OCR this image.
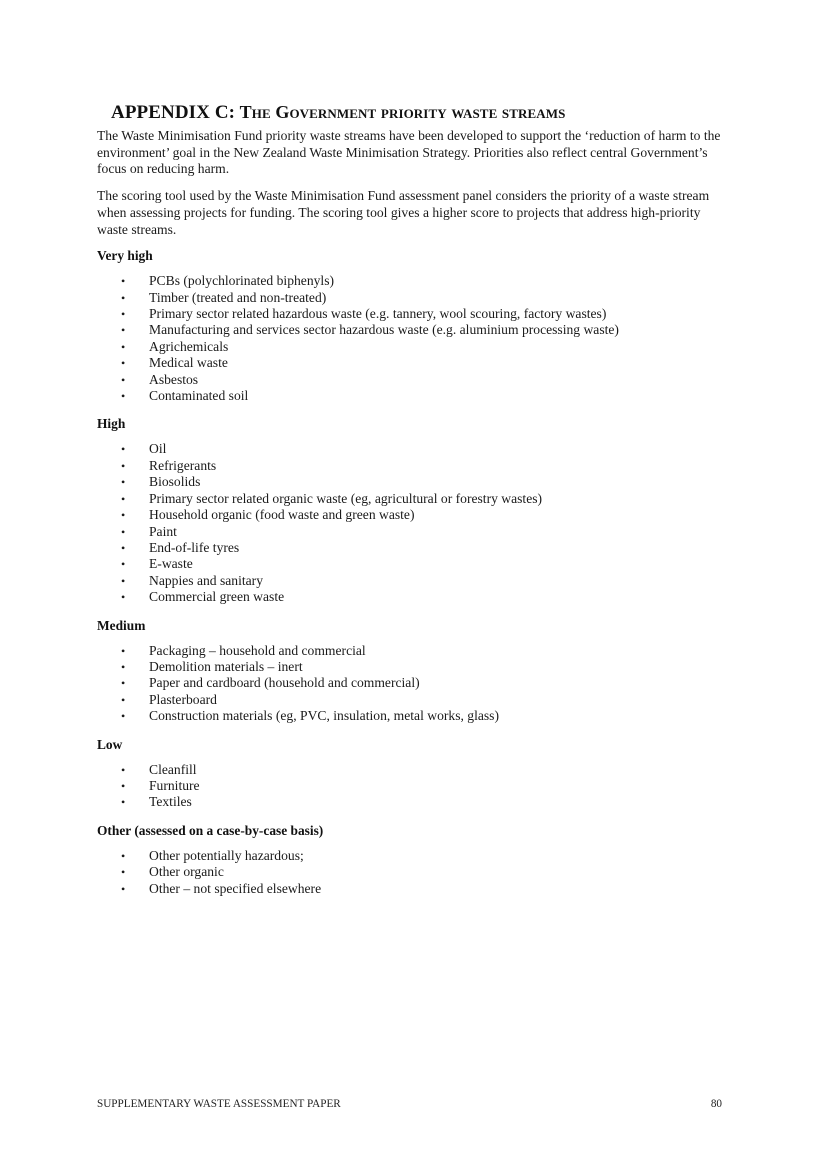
APPENDIX C: The Government priority waste streams

The Waste Minimisation Fund priority waste streams have been developed to support the ‘reduction of harm to the environment’ goal in the New Zealand Waste Minimisation Strategy. Priorities also reflect central Government’s focus on reducing harm.

The scoring tool used by the Waste Minimisation Fund assessment panel considers the priority of a waste stream when assessing projects for funding. The scoring tool gives a higher score to projects that address high-priority waste streams.

Very high
• PCBs (polychlorinated biphenyls)
• Timber (treated and non-treated)
• Primary sector related hazardous waste (e.g. tannery, wool scouring, factory wastes)
• Manufacturing and services sector hazardous waste (e.g. aluminium processing waste)
• Agrichemicals
• Medical waste
• Asbestos
• Contaminated soil
High
• Oil
• Refrigerants
• Biosolids
• Primary sector related organic waste (eg, agricultural or forestry wastes)
• Household organic (food waste and green waste)
• Paint
• End-of-life tyres
• E-waste
• Nappies and sanitary
• Commercial green waste
Medium
• Packaging – household and commercial
• Demolition materials – inert
• Paper and cardboard (household and commercial)
• Plasterboard
• Construction materials (eg, PVC, insulation, metal works, glass)
Low
• Cleanfill
• Furniture
• Textiles
Other (assessed on a case-by-case basis)
• Other potentially hazardous;
• Other organic
• Other – not specified elsewhere
SUPPLEMENTARY WASTE ASSESSMENT PAPER	80
